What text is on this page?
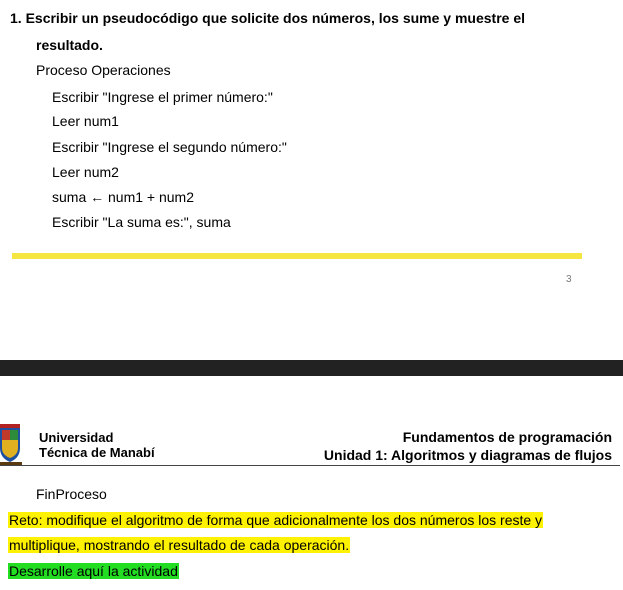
1. Escribir un pseudocódigo que solicite dos números, los sume y muestre el
resultado.
Proceso Operaciones
Escribir "Ingrese el primer número:"
Leer num1
Escribir "Ingrese el segundo número:"
Leer num2
suma ← num1 + num2
Escribir "La suma es:", suma
3
Universidad
Técnica de Manabí
Fundamentos de programación
Unidad 1: Algoritmos y diagramas de flujos
FinProceso
Reto: modifique el algoritmo de forma que adicionalmente los dos números los reste y
multiplique, mostrando el resultado de cada operación.
Desarrolle aquí la actividad
